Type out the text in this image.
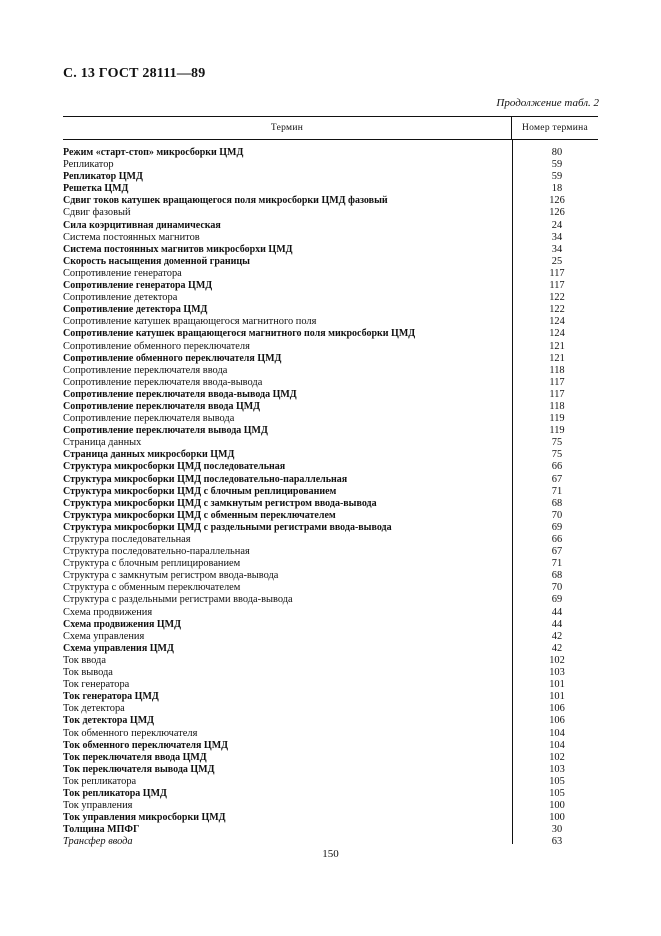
С. 13 ГОСТ 28111—89
Продолжение табл. 2
Термин	Номер термина
Режим «старт-стоп» микросборки ЦМД	80
Репликатор	59
Репликатор ЦМД	59
Решетка ЦМД	18
Сдвиг токов катушек вращающегося поля микросборки ЦМД фазовый	126
Сдвиг фазовый	126
Сила коэрцитивная динамическая	24
Система постоянных магнитов	34
Система постоянных магнитов микросборхи ЦМД	34
Скорость насыщения доменной границы	25
Сопротивление генератора	117
Сопротивление генератора ЦМД	117
Сопротивление детектора	122
Сопротивление детектора ЦМД	122
Сопротивление катушек вращающегося магнитного поля	124
Сопротивление катушек вращающегося магнитного поля микросборки ЦМД	124
Сопротивление обменного переключателя	121
Сопротивление обменного переключателя ЦМД	121
Сопротивление переключателя ввода	118
Сопротивление переключателя ввода-вывода	117
Сопротивление переключателя ввода-вывода ЦМД	117
Сопротивление переключателя ввода ЦМД	118
Сопротивление переключателя вывода	119
Сопротивление переключателя вывода ЦМД	119
Страница данных	75
Страница данных микросборки ЦМД	75
Структура микросборки ЦМД последовательная	66
Структура микросборки ЦМД последовательно-параллельная	67
Структура микросборки ЦМД с блочным реплицированием	71
Структура микросборки ЦМД с замкнутым регистром ввода-вывода	68
Структура микросборки ЦМД с обменным переключателем	70
Структура микросборки ЦМД с раздельными регистрами ввода-вывода	69
Структура последовательная	66
Структура последовательно-параллельная	67
Структура с блочным реплицированием	71
Структура с замкнутым регистром ввода-вывода	68
Структура с обменным переключателем	70
Структура с раздельными регистрами ввода-вывода	69
Схема продвижения	44
Схема продвижения ЦМД	44
Схема управления	42
Схема управления ЦМД	42
Ток ввода	102
Ток вывода	103
Ток генератора	101
Ток генератора ЦМД	101
Ток детектора	106
Ток детектора ЦМД	106
Ток обменного переключателя	104
Ток обменного переключателя ЦМД	104
Ток переключателя ввода ЦМД	102
Ток переключателя вывода ЦМД	103
Ток репликатора	105
Ток репликатора ЦМД	105
Ток управления	100
Ток управления микросборки ЦМД	100
Толщина МПФГ	30
Трансфер ввода	63
150
